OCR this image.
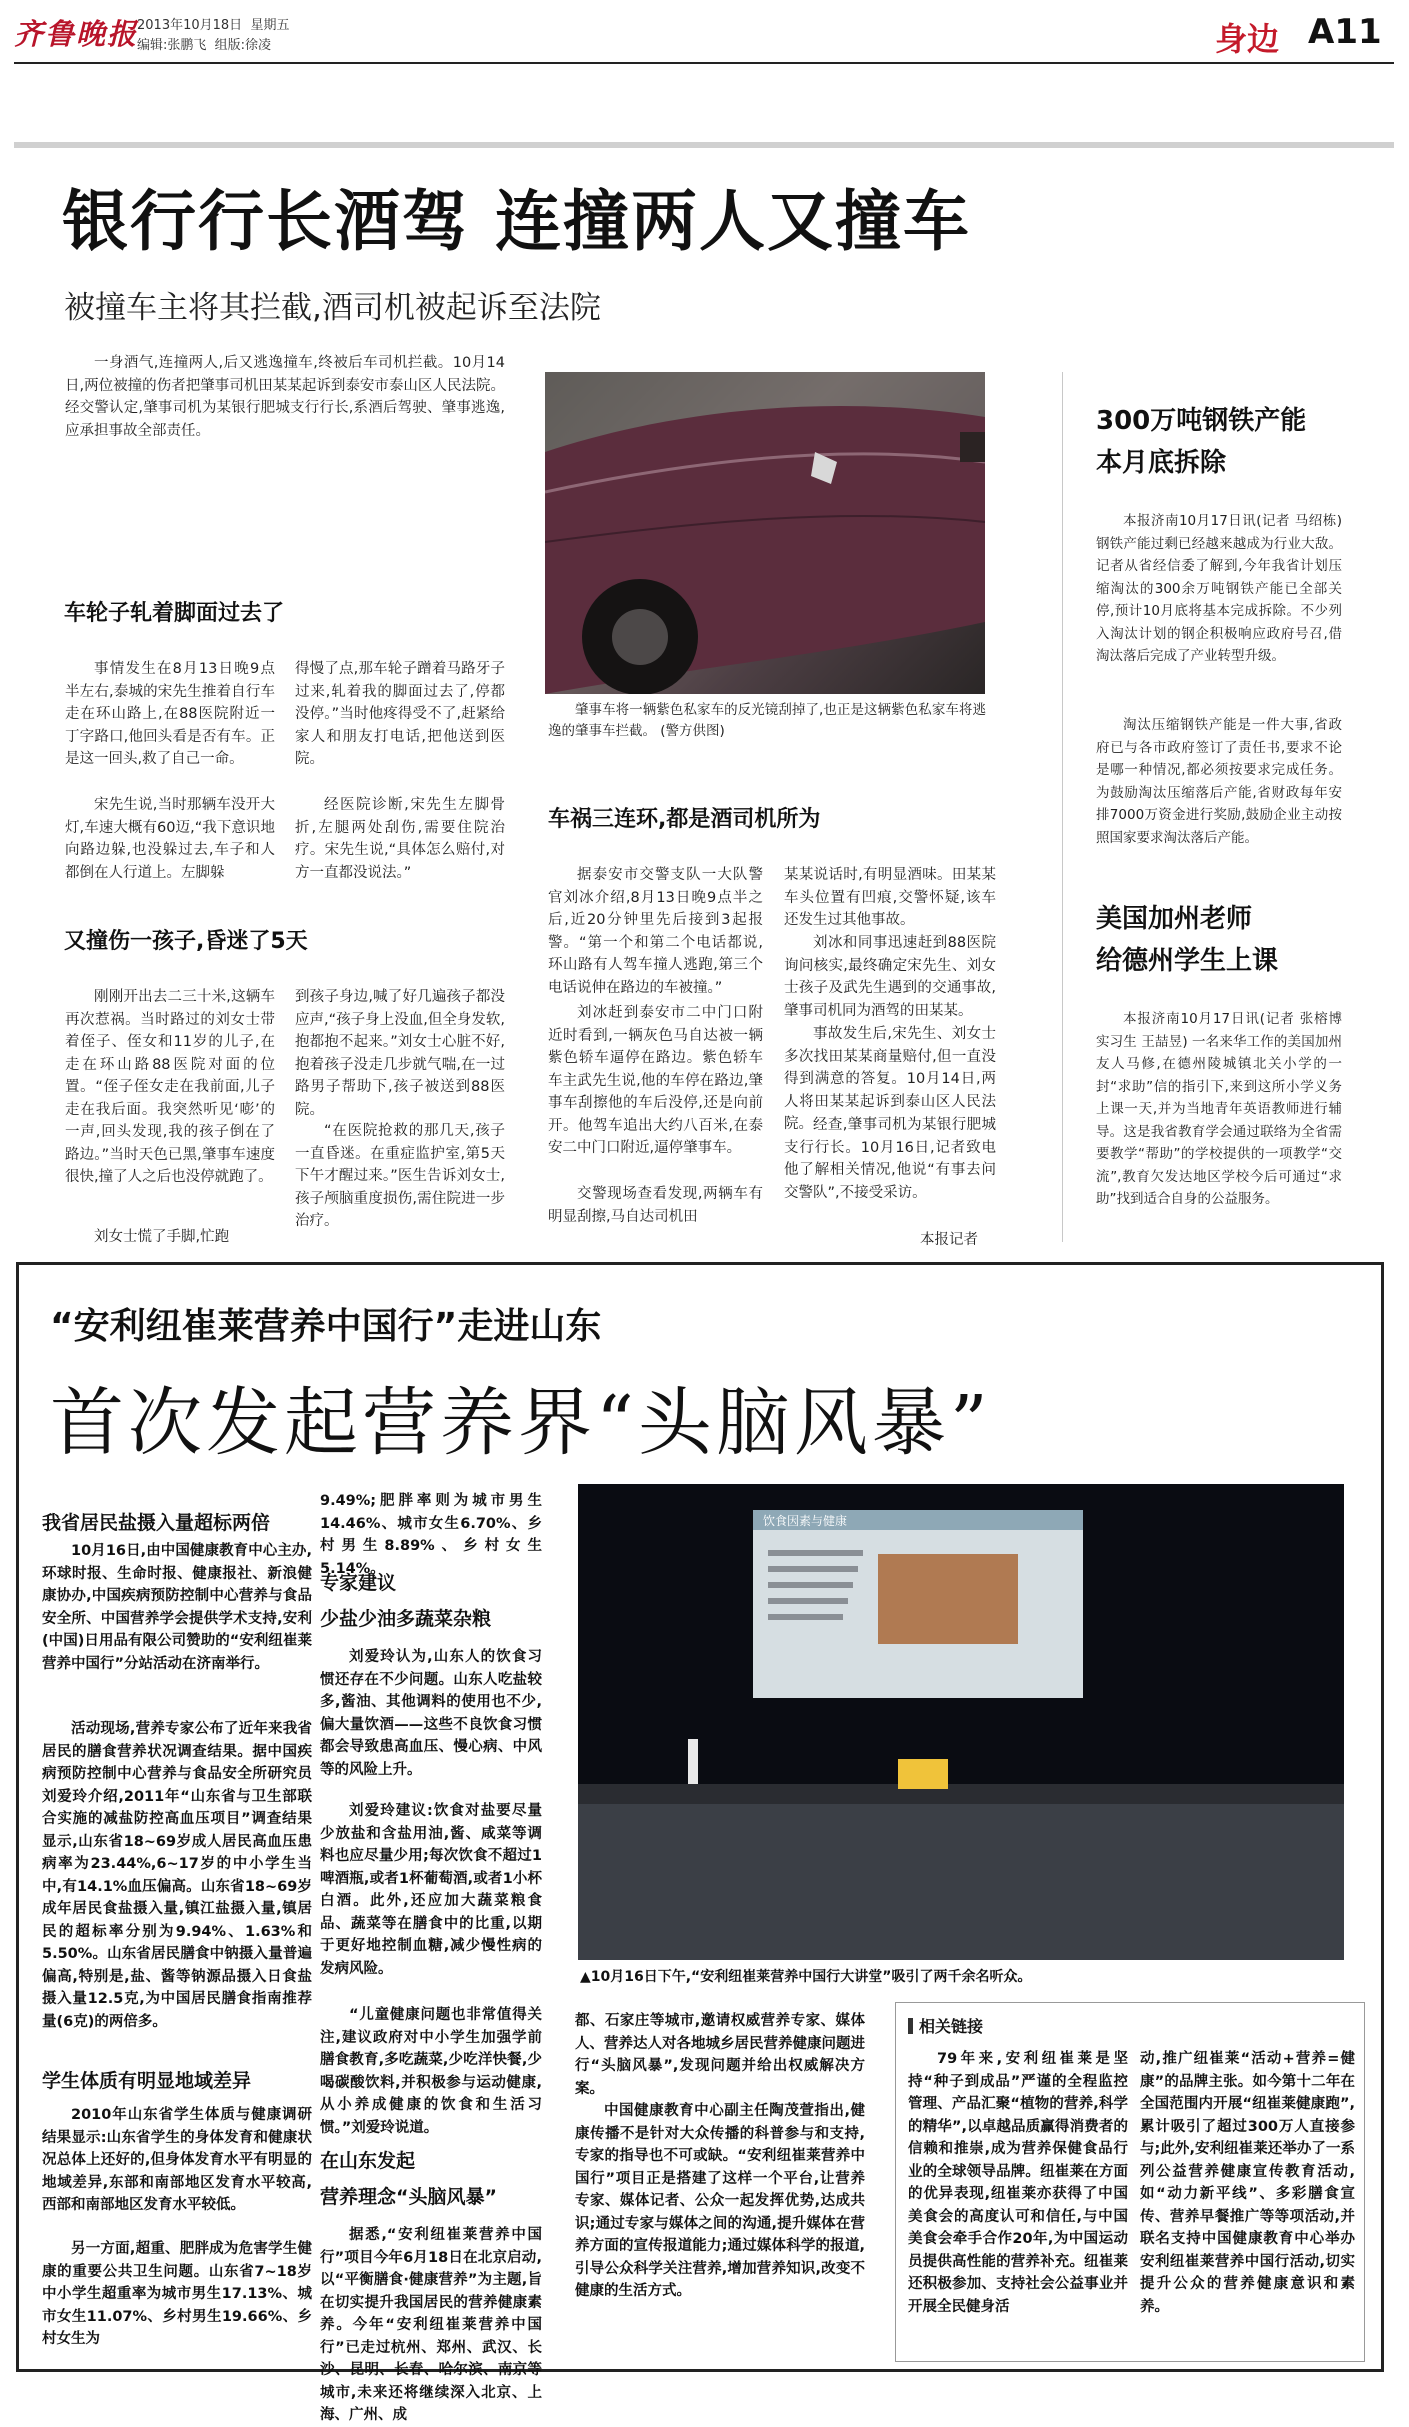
齐鲁晚报
2013年10月18日 星期五
编辑:张鹏飞 组版:徐凌	身边 A11
银行行长酒驾 连撞两人又撞车
被撞车主将其拦截,酒司机被起诉至法院

一身酒气,连撞两人,后又逃逸撞车,终被后车司机拦截。10月14日,两位被撞的伤者把肇事司机田某某起诉到泰安市泰山区人民法院。经交警认定,肇事司机为某银行肥城支行行长,系酒后驾驶、肇事逃逸,应承担事故全部责任。

肇事车将一辆紫色私家车的反光镜刮掉了,也正是这辆紫色私家车将逃逸的肇事车拦截。 (警方供图)

车轮子轧着脚面过去了

事情发生在8月13日晚9点半左右,泰城的宋先生推着自行车走在环山路上,在88医院附近一丁字路口,他回头看是否有车。正是这一回头,救了自己一命。

宋先生说,当时那辆车没开大灯,车速大概有60迈,“我下意识地向路边躲,也没躲过去,车子和人都倒在人行道上。左脚躲

得慢了点,那车轮子蹭着马路牙子过来,轧着我的脚面过去了,停都没停。”当时他疼得受不了,赶紧给家人和朋友打电话,把他送到医院。

经医院诊断,宋先生左脚骨折,左腿两处刮伤,需要住院治疗。宋先生说,“具体怎么赔付,对方一直都没说法。”

又撞伤一孩子,昏迷了5天

刚刚开出去二三十米,这辆车再次惹祸。当时路过的刘女士带着侄子、侄女和11岁的儿子,在走在环山路88医院对面的位置。“侄子侄女走在我前面,儿子走在我后面。我突然听见‘嘭’的一声,回头发现,我的孩子倒在了路边。”当时天色已黑,肇事车速度很快,撞了人之后也没停就跑了。

刘女士慌了手脚,忙跑

到孩子身边,喊了好几遍孩子都没应声,“孩子身上没血,但全身发软,抱都抱不起来。”刘女士心脏不好,抱着孩子没走几步就气喘,在一过路男子帮助下,孩子被送到88医院。

“在医院抢救的那几天,孩子一直昏迷。在重症监护室,第5天下午才醒过来。”医生告诉刘女士,孩子颅脑重度损伤,需住院进一步治疗。

车祸三连环,都是酒司机所为

据泰安市交警支队一大队警官刘冰介绍,8月13日晚9点半之后,近20分钟里先后接到3起报警。“第一个和第二个电话都说,环山路有人驾车撞人逃跑,第三个电话说伸在路边的车被撞。”

刘冰赶到泰安市二中门口附近时看到,一辆灰色马自达被一辆紫色轿车逼停在路边。紫色轿车车主武先生说,他的车停在路边,肇事车刮擦他的车后没停,还是向前开。他驾车追出大约八百米,在泰安二中门口附近,逼停肇事车。

交警现场查看发现,两辆车有明显刮擦,马自达司机田

某某说话时,有明显酒味。田某某车头位置有凹痕,交警怀疑,该车还发生过其他事故。

刘冰和同事迅速赶到88医院询问核实,最终确定宋先生、刘女士孩子及武先生遇到的交通事故,肇事司机同为酒驾的田某某。

事故发生后,宋先生、刘女士多次找田某某商量赔付,但一直没得到满意的答复。10月14日,两人将田某某起诉到泰山区人民法院。 经查,肇事司机为某银行肥城支行行长。10月16日,记者致电他了解相关情况,他说“有事去问交警队”,不接受采访。

本报记者
300万吨钢铁产能
本月底拆除

本报济南10月17日讯(记者 马绍栋) 钢铁产能过剩已经越来越成为行业大敌。记者从省经信委了解到,今年我省计划压缩淘汰的300余万吨钢铁产能已全部关停,预计10月底将基本完成拆除。不少列入淘汰计划的钢企积极响应政府号召,借淘汰落后完成了产业转型升级。

淘汰压缩钢铁产能是一件大事,省政府已与各市政府签订了责任书,要求不论是哪一种情况,都必须按要求完成任务。为鼓励淘汰压缩落后产能,省财政每年安排7000万资金进行奖励,鼓励企业主动按照国家要求淘汰落后产能。

美国加州老师
给德州学生上课

本报济南10月17日讯(记者 张榕博 实习生 王喆昱) 一名来华工作的美国加州友人马修,在德州陵城镇北关小学的一封“求助”信的指引下,来到这所小学义务上课一天,并为当地青年英语教师进行辅导。这是我省教育学会通过联络为全省需要教学“帮助”的学校提供的一项教学“交流”,教育欠发达地区学校今后可通过“求助”找到适合自身的公益服务。

“安利纽崔莱营养中国行”走进山东
首次发起营养界“头脑风暴”
我省居民盐摄入量超标两倍

10月16日,由中国健康教育中心主办,环球时报、生命时报、健康报社、新浪健康协办,中国疾病预防控制中心营养与食品安全所、中国营养学会提供学术支持,安利(中国)日用品有限公司赞助的“安利纽崔莱营养中国行”分站活动在济南举行。

活动现场,营养专家公布了近年来我省居民的膳食营养状况调查结果。据中国疾病预防控制中心营养与食品安全所研究员刘爱玲介绍,2011年“山东省与卫生部联合实施的减盐防控高血压项目”调查结果显示,山东省18~69岁成人居民高血压患病率为23.44%,6~17岁的中小学生当中,有14.1%血压偏高。山东省18~69岁成年居民食盐摄入量,镇江盐摄入量,镇居民的超标率分别为9.94%、1.63%和5.50%。山东省居民膳食中钠摄入量普遍偏高,特别是,盐、酱等钠源品摄入日食盐摄入量12.5克,为中国居民膳食指南推荐量(6克)的两倍多。

学生体质有明显地域差异

2010年山东省学生体质与健康调研结果显示:山东省学生的身体发育和健康状况总体上还好的,但身体发育水平有明显的地域差异,东部和南部地区发育水平较高,西部和南部地区发育水平较低。

另一方面,超重、肥胖成为危害学生健康的重要公共卫生问题。山东省7~18岁中小学生超重率为城市男生17.13%、城市女生11.07%、乡村男生19.66%、乡村女生为

9.49%;肥胖率则为城市男生14.46%、城市女生6.70%、乡村男生8.89%、乡村女生5.14%。

专家建议
少盐少油多蔬菜杂粮

刘爱玲认为,山东人的饮食习惯还存在不少问题。山东人吃盐较多,酱油、其他调料的使用也不少,偏大量饮酒——这些不良饮食习惯都会导致患高血压、慢心病、中风等的风险上升。

刘爱玲建议:饮食对盐要尽量少放盐和含盐用油,酱、咸菜等调料也应尽量少用;每次饮食不超过1啤酒瓶,或者1杯葡萄酒,或者1小杯白酒。此外,还应加大蔬菜粮食品、蔬菜等在膳食中的比重,以期于更好地控制血糖,减少慢性病的发病风险。

“儿童健康问题也非常值得关注,建议政府对中小学生加强学前膳食教育,多吃蔬菜,少吃洋快餐,少喝碳酸饮料,并积极参与运动健康,从小养成健康的饮食和生活习惯。”刘爱玲说道。

在山东发起
营养理念“头脑风暴”

据悉,“安利纽崔莱营养中国行”项目今年6月18日在北京启动,以“平衡膳食·健康营养”为主题,旨在切实提升我国居民的营养健康素养。今年“安利纽崔莱营养中国行”已走过杭州、郑州、武汉、长沙、昆明、长春、哈尔滨、南京等城市,未来还将继续深入北京、上海、广州、成

饮食因素与健康

▲10月16日下午,“安利纽崔莱营养中国行大讲堂”吸引了两千余名听众。

都、石家庄等城市,邀请权威营养专家、媒体人、营养达人对各地城乡居民营养健康问题进行“头脑风暴”,发现问题并给出权威解决方案。

中国健康教育中心副主任陶茂萱指出,健康传播不是针对大众传播的科普参与和支持,专家的指导也不可或缺。“安利纽崔莱营养中国行”项目正是搭建了这样一个平台,让营养专家、媒体记者、公众一起发挥优势,达成共识;通过专家与媒体之间的沟通,提升媒体在营养方面的宣传报道能力;通过媒体科学的报道,引导公众科学关注营养,增加营养知识,改变不健康的生活方式。

相关链接

79年来,安利纽崔莱是坚持“种子到成品”严谨的全程监控管理、产品汇聚“植物的营养,科学的精华”,以卓越品质赢得消费者的信赖和推崇,成为营养保健食品行业的全球领导品牌。纽崔莱在方面的优异表现,纽崔莱亦获得了中国美食会的高度认可和信任,与中国美食会牵手合作20年,为中国运动员提供高性能的营养补充。纽崔莱还积极参加、支持社会公益事业并开展全民健身活

动,推广纽崔莱“活动+营养=健康”的品牌主张。如今第十二年在全国范围内开展“纽崔莱健康跑”,累计吸引了超过300万人直接参与;此外,安利纽崔莱还举办了一系列公益营养健康宣传教育活动,如“动力新平线”、多彩膳食宣传、营养早餐推广等等项活动,并联名支持中国健康教育中心举办安利纽崔莱营养中国行活动,切实提升公众的营养健康意识和素养。
